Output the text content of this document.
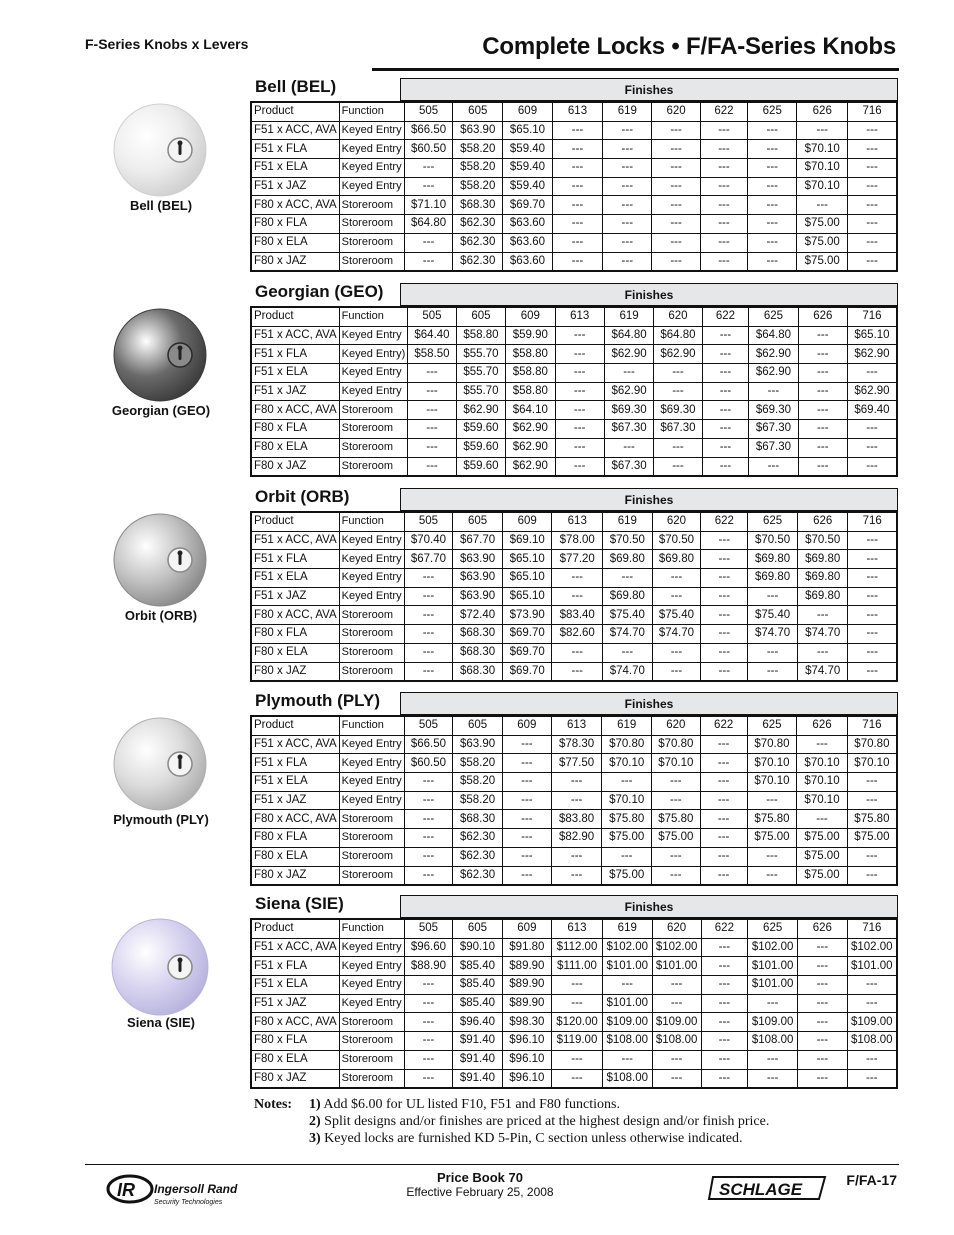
F-Series Knobs x Levers	Complete Locks • F/FA-Series Knobs
Bell (BEL)
Bell (BEL)	Finishes
Product	Function	505	605	609	613	619	620	622	625	626	716
F51 x ACC, AVA	Keyed Entry	$66.50	$63.90	$65.10	---	---	---	---	---	---	---
F51 x FLA	Keyed Entry	$60.50	$58.20	$59.40	---	---	---	---	---	$70.10	---
F51 x ELA	Keyed Entry	---	$58.20	$59.40	---	---	---	---	---	$70.10	---
F51 x JAZ	Keyed Entry	---	$58.20	$59.40	---	---	---	---	---	$70.10	---
F80 x ACC, AVA	Storeroom	$71.10	$68.30	$69.70	---	---	---	---	---	---	---
F80 x FLA	Storeroom	$64.80	$62.30	$63.60	---	---	---	---	---	$75.00	---
F80 x ELA	Storeroom	---	$62.30	$63.60	---	---	---	---	---	$75.00	---
F80 x JAZ	Storeroom	---	$62.30	$63.60	---	---	---	---	---	$75.00	---
Georgian (GEO)
Georgian (GEO)	Finishes
Product	Function	505	605	609	613	619	620	622	625	626	716
F51 x ACC, AVA	Keyed Entry	$64.40	$58.80	$59.90	---	$64.80	$64.80	---	$64.80	---	$65.10
F51 x FLA	Keyed Entry)	$58.50	$55.70	$58.80	---	$62.90	$62.90	---	$62.90	---	$62.90
F51 x ELA	Keyed Entry	---	$55.70	$58.80	---	---	---	---	$62.90	---	---
F51 x JAZ	Keyed Entry	---	$55.70	$58.80	---	$62.90	---	---	---	---	$62.90
F80 x ACC, AVA	Storeroom	---	$62.90	$64.10	---	$69.30	$69.30	---	$69.30	---	$69.40
F80 x FLA	Storeroom	---	$59.60	$62.90	---	$67.30	$67.30	---	$67.30	---	---
F80 x ELA	Storeroom	---	$59.60	$62.90	---	---	---	---	$67.30	---	---
F80 x JAZ	Storeroom	---	$59.60	$62.90	---	$67.30	---	---	---	---	---
Orbit (ORB)
Orbit (ORB)	Finishes
Product	Function	505	605	609	613	619	620	622	625	626	716
F51 x ACC, AVA	Keyed Entry	$70.40	$67.70	$69.10	$78.00	$70.50	$70.50	---	$70.50	$70.50	---
F51 x FLA	Keyed Entry	$67.70	$63.90	$65.10	$77.20	$69.80	$69.80	---	$69.80	$69.80	---
F51 x ELA	Keyed Entry	---	$63.90	$65.10	---	---	---	---	$69.80	$69.80	---
F51 x JAZ	Keyed Entry	---	$63.90	$65.10	---	$69.80	---	---	---	$69.80	---
F80 x ACC, AVA	Storeroom	---	$72.40	$73.90	$83.40	$75.40	$75.40	---	$75.40	---	---
F80 x FLA	Storeroom	---	$68.30	$69.70	$82.60	$74.70	$74.70	---	$74.70	$74.70	---
F80 x ELA	Storeroom	---	$68.30	$69.70	---	---	---	---	---	---	---
F80 x JAZ	Storeroom	---	$68.30	$69.70	---	$74.70	---	---	---	$74.70	---
Plymouth (PLY)
Plymouth (PLY)	Finishes
Product	Function	505	605	609	613	619	620	622	625	626	716
F51 x ACC, AVA	Keyed Entry	$66.50	$63.90	---	$78.30	$70.80	$70.80	---	$70.80	---	$70.80
F51 x FLA	Keyed Entry	$60.50	$58.20	---	$77.50	$70.10	$70.10	---	$70.10	$70.10	$70.10
F51 x ELA	Keyed Entry	---	$58.20	---	---	---	---	---	$70.10	$70.10	---
F51 x JAZ	Keyed Entry	---	$58.20	---	---	$70.10	---	---	---	$70.10	---
F80 x ACC, AVA	Storeroom	---	$68.30	---	$83.80	$75.80	$75.80	---	$75.80	---	$75.80
F80 x FLA	Storeroom	---	$62.30	---	$82.90	$75.00	$75.00	---	$75.00	$75.00	$75.00
F80 x ELA	Storeroom	---	$62.30	---	---	---	---	---	---	$75.00	---
F80 x JAZ	Storeroom	---	$62.30	---	---	$75.00	---	---	---	$75.00	---
Siena (SIE)
Siena (SIE)	Finishes
Product	Function	505	605	609	613	619	620	622	625	626	716
F51 x ACC, AVA	Keyed Entry	$96.60	$90.10	$91.80	$112.00	$102.00	$102.00	---	$102.00	---	$102.00
F51 x FLA	Keyed Entry	$88.90	$85.40	$89.90	$111.00	$101.00	$101.00	---	$101.00	---	$101.00
F51 x ELA	Keyed Entry	---	$85.40	$89.90	---	---	---	---	$101.00	---	---
F51 x JAZ	Keyed Entry	---	$85.40	$89.90	---	$101.00	---	---	---	---	---
F80 x ACC, AVA	Storeroom	---	$96.40	$98.30	$120.00	$109.00	$109.00	---	$109.00	---	$109.00
F80 x FLA	Storeroom	---	$91.40	$96.10	$119.00	$108.00	$108.00	---	$108.00	---	$108.00
F80 x ELA	Storeroom	---	$91.40	$96.10	---	---	---	---	---	---	---
F80 x JAZ	Storeroom	---	$91.40	$96.10	---	$108.00	---	---	---	---	---
Notes: 1) Add $6.00 for UL listed F10, F51 and F80 functions.
2) Split designs and/or finishes are priced at the highest design and/or finish price.
3) Keyed locks are furnished KD 5-Pin, C section unless otherwise indicated.
IR Ingersoll Rand
Security Technologies
Price Book 70
Effective February 25, 2008	SCHLAGE	F/FA-17
